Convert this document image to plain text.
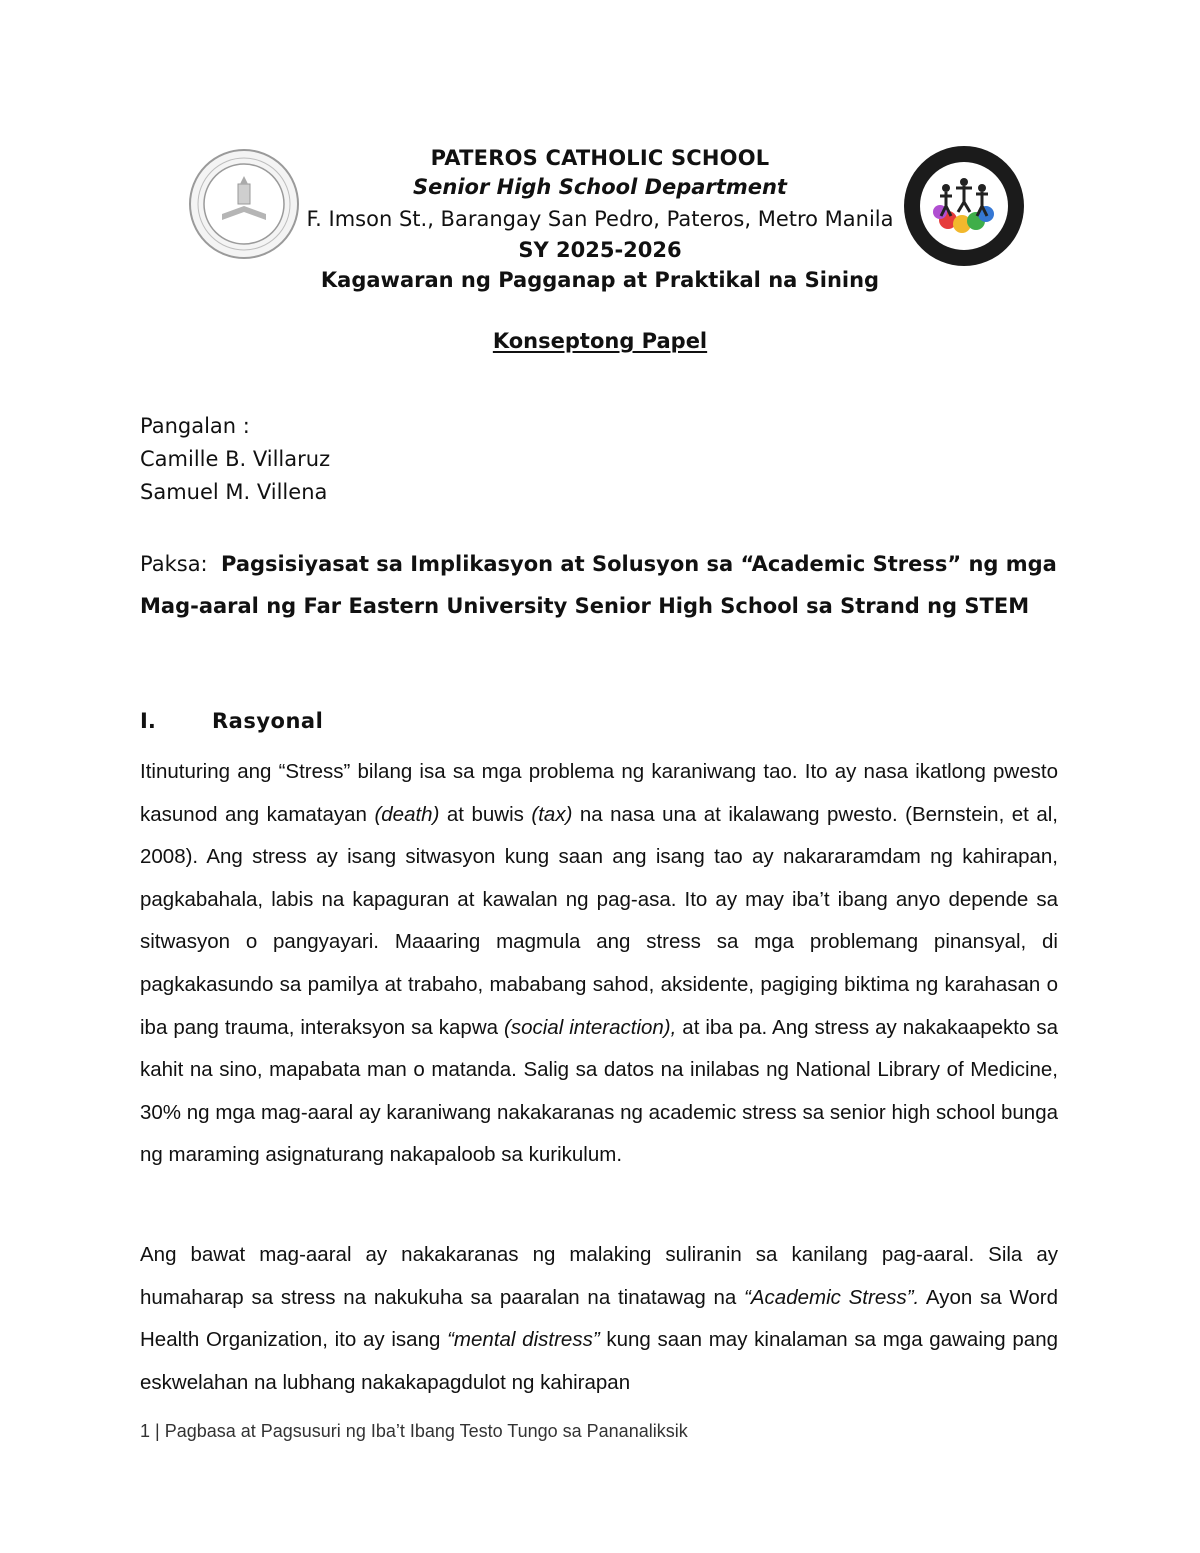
PATEROS CATHOLIC SCHOOL
Senior High School Department
F. Imson St., Barangay San Pedro, Pateros, Metro Manila
SY 2025-2026
Kagawaran ng Pagganap at Praktikal na Sining
Konseptong Papel
Pangalan :
Camille B. Villaruz
Samuel M. Villena
Paksa: Pagsisiyasat sa Implikasyon at Solusyon sa “Academic Stress” ng mga Mag-aaral ng Far Eastern University Senior High School sa Strand ng STEM
I.	Rasyonal
Itinuturing ang “Stress” bilang isa sa mga problema ng karaniwang tao. Ito ay nasa ikatlong pwesto kasunod ang kamatayan (death) at buwis (tax) na nasa una at ikalawang pwesto. (Bernstein, et al, 2008). Ang stress ay isang sitwasyon kung saan ang isang tao ay nakararamdam ng kahirapan, pagkabahala, labis na kapaguran at kawalan ng pag-asa. Ito ay may iba’t ibang anyo depende sa sitwasyon o pangyayari. Maaaring magmula ang stress sa mga problemang pinansyal, di pagkakasundo sa pamilya at trabaho, mababang sahod, aksidente, pagiging biktima ng karahasan o iba pang trauma, interaksyon sa kapwa (social interaction), at iba pa. Ang stress ay nakakaapekto sa kahit na sino, mapabata man o matanda. Salig sa datos na inilabas ng National Library of Medicine, 30% ng mga mag-aaral ay karaniwang nakakaranas ng academic stress sa senior high school bunga ng maraming asignaturang nakapaloob sa kurikulum.
Ang bawat mag-aaral ay nakakaranas ng malaking suliranin sa kanilang pag-aaral. Sila ay humaharap sa stress na nakukuha sa paaralan na tinatawag na “Academic Stress”. Ayon sa Word Health Organization, ito ay isang “mental distress” kung saan may kinalaman sa mga gawaing pang eskwelahan na lubhang nakakapagdulot ng kahirapan
1 | Pagbasa at Pagsusuri ng Iba’t Ibang Testo Tungo sa Pananaliksik
